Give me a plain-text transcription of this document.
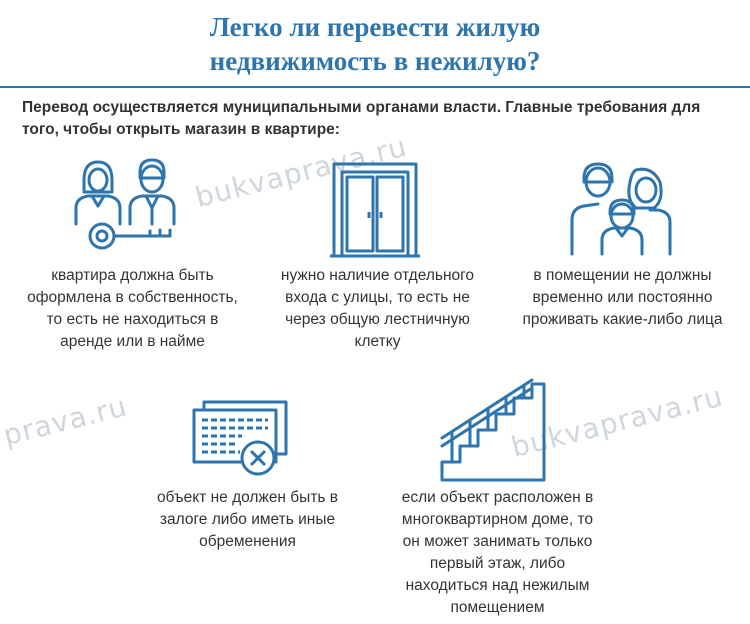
Легко ли перевести жилую
недвижимость в нежилую?
Перевод осуществляется муниципальными органами власти. Главные требования для
того, чтобы открыть магазин в квартире:
bukvaprava.ru
prava.ru	bukvaprava.ru
квартира должна быть
оформлена в собственность,
то есть не находиться в
аренде или в найме
нужно наличие отдельного
входа с улицы, то есть не
через общую лестничную
клетку
в помещении не должны
временно или постоянно
проживать какие-либо лица
объект не должен быть в
залоге либо иметь иные
обременения
если объект расположен в
многоквартирном доме, то
он может занимать только
первый этаж, либо
находиться над нежилым
помещением
